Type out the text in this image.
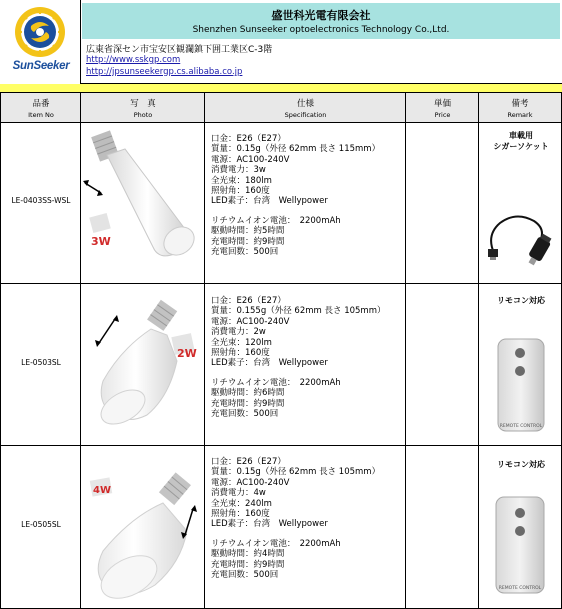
SunSeeker
盛世科光電有限会社
Shenzhen Sunseeker optoelectronics Technology Co.,Ltd.
広東省深セン市宝安区観瀾鎮下囲工業区C-3階
http://www.sskgp.com
http://jpsunseekergp.cs.alibaba.co.jp
品番
Item No
写　真
Photo
仕様
Specification
単価
Price
備考
Remark
LE-0403SS-WSL
3W
口金：E26（E27）
質量：0.15g（外径 62mm 長さ 115mm）
電源：AC100-240V
消費電力：3w
全光束：180lm
照射角：160度
LED素子：台湾　Wellypower
リチウムイオン電池：　2200mAh
駆動時間：約5時間
充電時間：約9時間
充電回数：500回
車載用
シガーソケット
LE-0503SL
2W
口金：E26（E27）
質量：0.155g（外径 62mm 長さ 105mm）
電源：AC100-240V
消費電力：2w
全光束：120lm
照射角：160度
LED素子：台湾　Wellypower
リチウムイオン電池：　2200mAh
駆動時間：約6時間
充電時間：約9時間
充電回数：500回
リモコン対応
REMOTE CONTROL
LE-0505SL
4W
口金：E26（E27）
質量：0.15g（外径 62mm 長さ 105mm）
電源：AC100-240V
消費電力：4w
全光束：240lm
照射角：160度
LED素子：台湾　Wellypower
リチウムイオン電池：　2200mAh
駆動時間：約4時間
充電時間：約9時間
充電回数：500回
リモコン対応
REMOTE CONTROL
